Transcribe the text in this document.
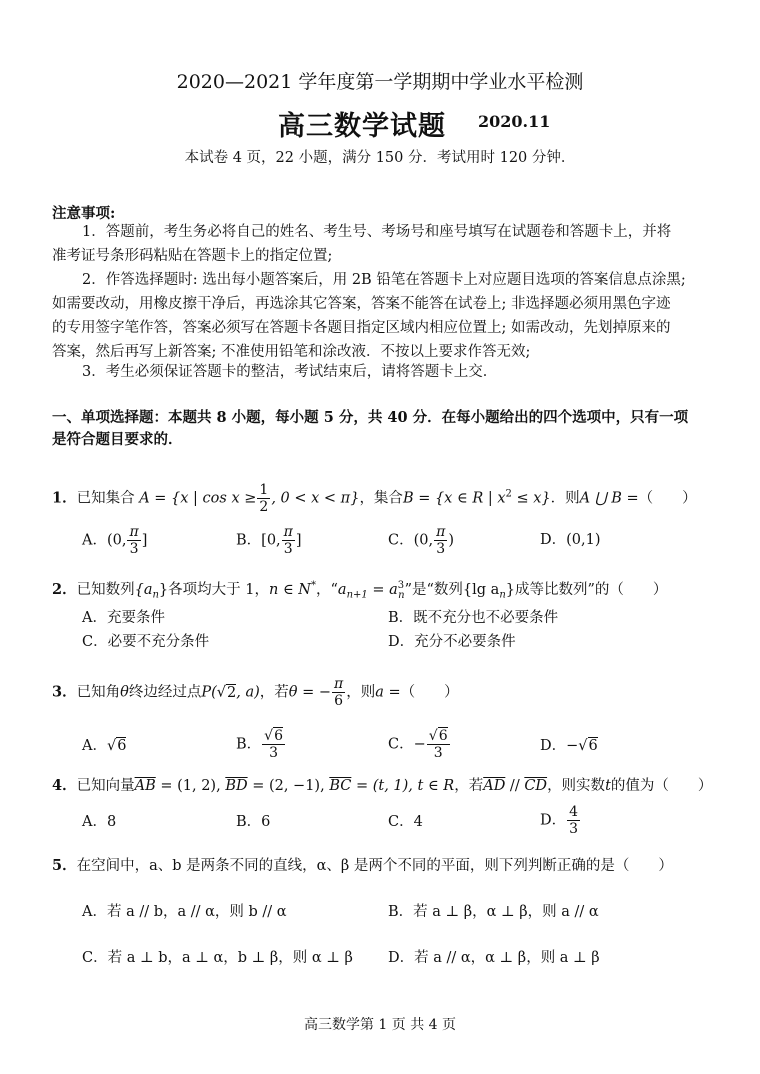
2020—2021 学年度第一学期期中学业水平检测
高三数学试题 2020.11
本试卷 4 页，22 小题，满分 150 分．考试用时 120 分钟．
注意事项:
1．答题前，考生务必将自己的姓名、考生号、考场号和座号填写在试题卷和答题卡上，并将
准考证号条形码粘贴在答题卡上的指定位置;
2．作答选择题时: 选出每小题答案后，用 2B 铅笔在答题卡上对应题目选项的答案信息点涂黑;
如需要改动，用橡皮擦干净后，再选涂其它答案，答案不能答在试卷上; 非选择题必须用黑色字迹
的专用签字笔作答，答案必须写在答题卡各题目指定区域内相应位置上; 如需改动，先划掉原来的
答案，然后再写上新答案; 不准使用铅笔和涂改液．不按以上要求作答无效;
3．考生必须保证答题卡的整洁，考试结束后，请将答题卡上交．
一、单项选择题：本题共 8 小题，每小题 5 分，共 40 分．在每小题给出的四个选项中，只有一项
是符合题目要求的．
1．已知集合 A = {x | $\cos x \ge \frac{1}{2}$ , 0 < x < π}，集合B = {x ∈ R | $x^2 \le x$}．则A ⋃ B =（　　）
A．(0, $\frac{\pi}{3}$ ]	B．[0, $\frac{\pi}{3}$ ]	C．(0, $\frac{\pi}{3}$ )	D．(0,1)
2．已知数列$\{a_n\}$各项均大于 1，n ∈ N*，“$a_{n+1} = a^3_n$”是“数列{lg $a_n$}成等比数列”的（　　）
A．充要条件	B．既不充分也不必要条件
C．必要不充分条件	D．充分不必要条件
3．已知角θ终边经过点P(√2, a)，若θ = − $\frac{\pi}{6}$ ，则a =（　　）
A．√6	B． $\frac{√6}{3}$	C．− $\frac{√6}{3}$	D．−√6
4．已知向量$\overline{AB} = (1$, 2), $\overline{BD} = (2$, −1), $\overline{BC} = (t$, 1), t ∈ R，若$\overline{AD} // \overline{CD}$，则实数t的值为（　　）
A．8	B．6	C．4	D． $\frac{4}{3}$
5．在空间中，a、b 是两条不同的直线，α、β 是两个不同的平面，则下列判断正确的是（　　）
A．若 a // b，a // α，则 b // α	B．若 a ⊥ β，α ⊥ β，则 a // α
C．若 a ⊥ b，a ⊥ α，b ⊥ β，则 α ⊥ β D．若 a // α，α ⊥ β，则 a ⊥ β
高三数学第 1 页 共 4 页
